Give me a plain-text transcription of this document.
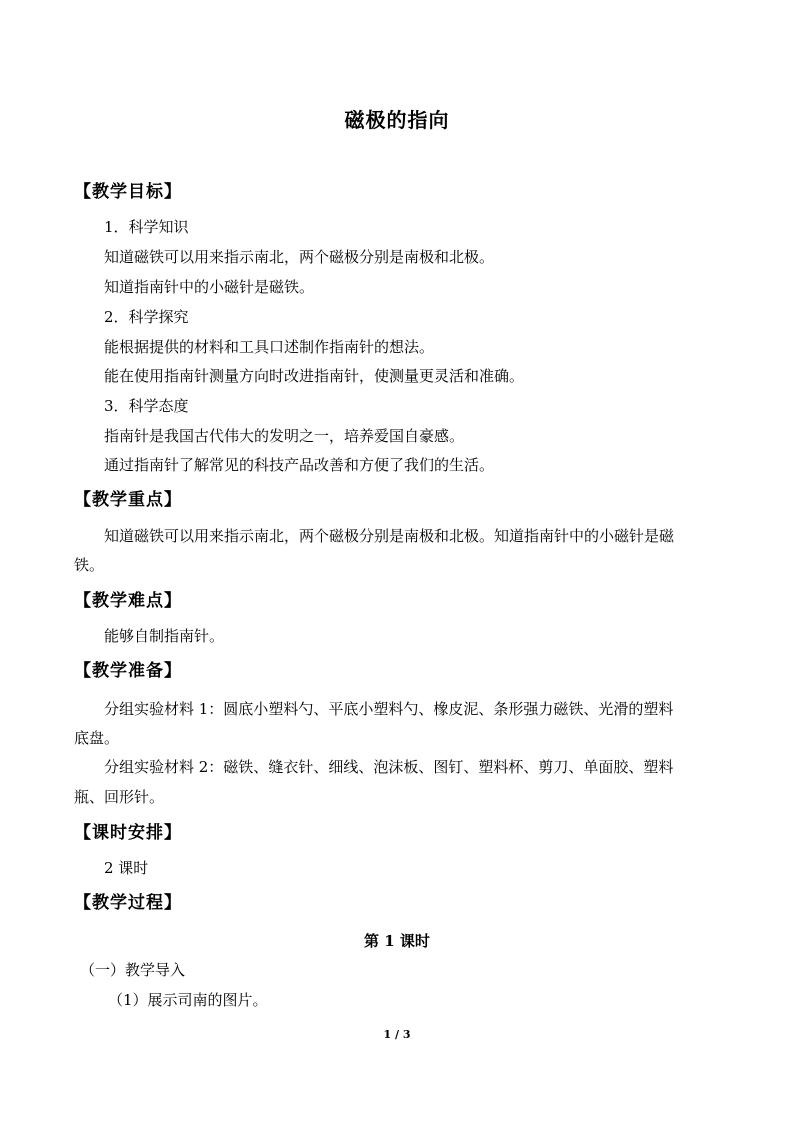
磁极的指向
【教学目标】
1．科学知识
知道磁铁可以用来指示南北，两个磁极分别是南极和北极。
知道指南针中的小磁针是磁铁。
2．科学探究
能根据提供的材料和工具口述制作指南针的想法。
能在使用指南针测量方向时改进指南针，使测量更灵活和准确。
3．科学态度
指南针是我国古代伟大的发明之一，培养爱国自豪感。
通过指南针了解常见的科技产品改善和方便了我们的生活。
【教学重点】
知道磁铁可以用来指示南北，两个磁极分别是南极和北极。知道指南针中的小磁针是磁
铁。
【教学难点】
能够自制指南针。
【教学准备】
分组实验材料 1：圆底小塑料勺、平底小塑料勺、橡皮泥、条形强力磁铁、光滑的塑料
底盘。
分组实验材料 2：磁铁、缝衣针、细线、泡沫板、图钉、塑料杯、剪刀、单面胶、塑料
瓶、回形针。
【课时安排】
2 课时
【教学过程】
第 1 课时
（一）教学导入
（1）展示司南的图片。
1 / 3
